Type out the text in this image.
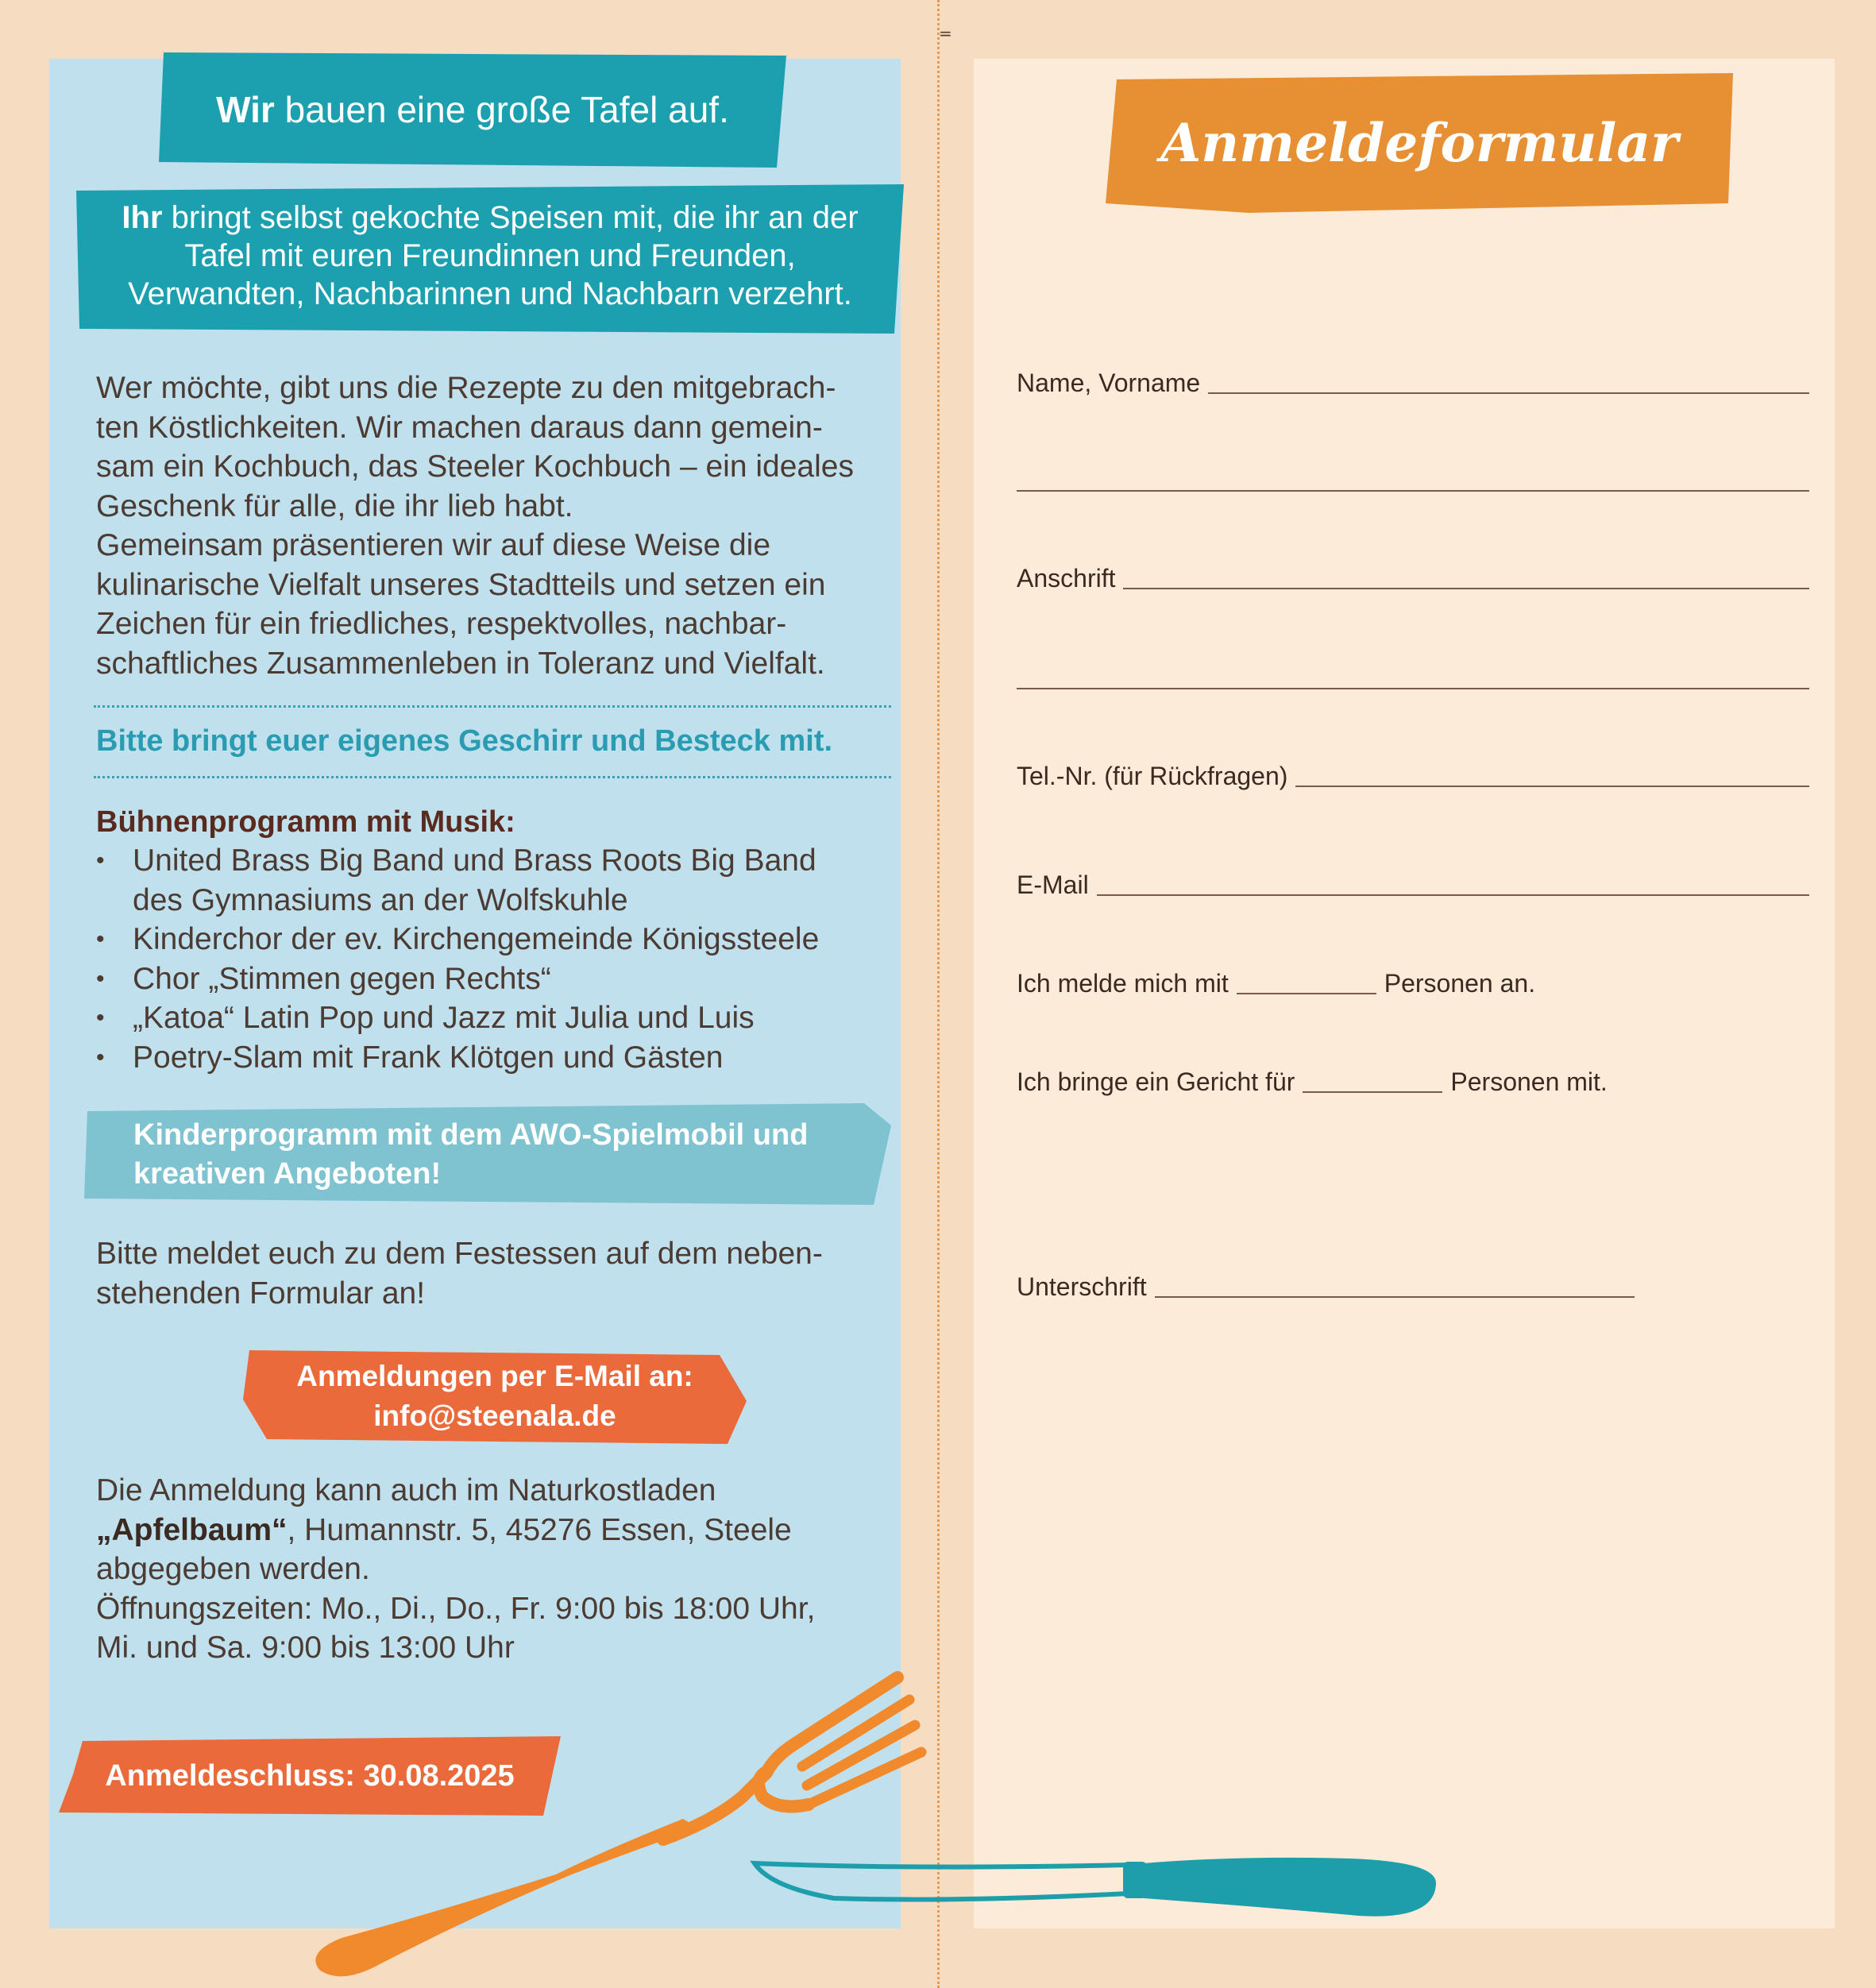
=
Wir bauen eine große Tafel auf.
Ihr bringt selbst gekochte Speisen mit, die ihr an der Tafel mit euren Freundinnen und Freunden, Verwandten, Nachbarinnen und Nachbarn verzehrt.

Wer möchte, gibt uns die Rezepte zu den mitgebrach-
ten Köstlichkeiten. Wir machen daraus dann gemein-
sam ein Kochbuch, das Steeler Kochbuch – ein ideales
Geschenk für alle, die ihr lieb habt.
Gemeinsam präsentieren wir auf diese Weise die
kulinarische Vielfalt unseres Stadtteils und setzen ein
Zeichen für ein friedliches, respektvolles, nachbar-
schaftliches Zusammenleben in Toleranz und Vielfalt.

Bitte bringt euer eigenes Geschirr und Besteck mit.
Bühnenprogramm mit Musik:
• United Brass Big Band und Brass Roots Big Band
des Gymnasiums an der Wolfskuhle
• Kinderchor der ev. Kirchengemeinde Königssteele
• Chor „Stimmen gegen Rechts“
• „Katoa“ Latin Pop und Jazz mit Julia und Luis
• Poetry-Slam mit Frank Klötgen und Gästen
Kinderprogramm mit dem AWO-Spielmobil und
kreativen Angeboten!

Bitte meldet euch zu dem Festessen auf dem neben-
stehenden Formular an!

Anmeldungen per E-Mail an:
info@steenala.de

Die Anmeldung kann auch im Naturkostladen
„Apfelbaum“, Humannstr. 5, 45276 Essen, Steele
abgegeben werden.
Öffnungszeiten: Mo., Di., Do., Fr. 9:00 bis 18:00 Uhr,
Mi. und Sa. 9:00 bis 13:00 Uhr

Anmeldeschluss: 30.08.2025
Anmeldeformular
Name, Vorname
Anschrift
Tel.-Nr. (für Rückfragen)
E-Mail
Ich melde mich mit	Personen an.
Ich bringe ein Gericht für	Personen mit.
Unterschrift
